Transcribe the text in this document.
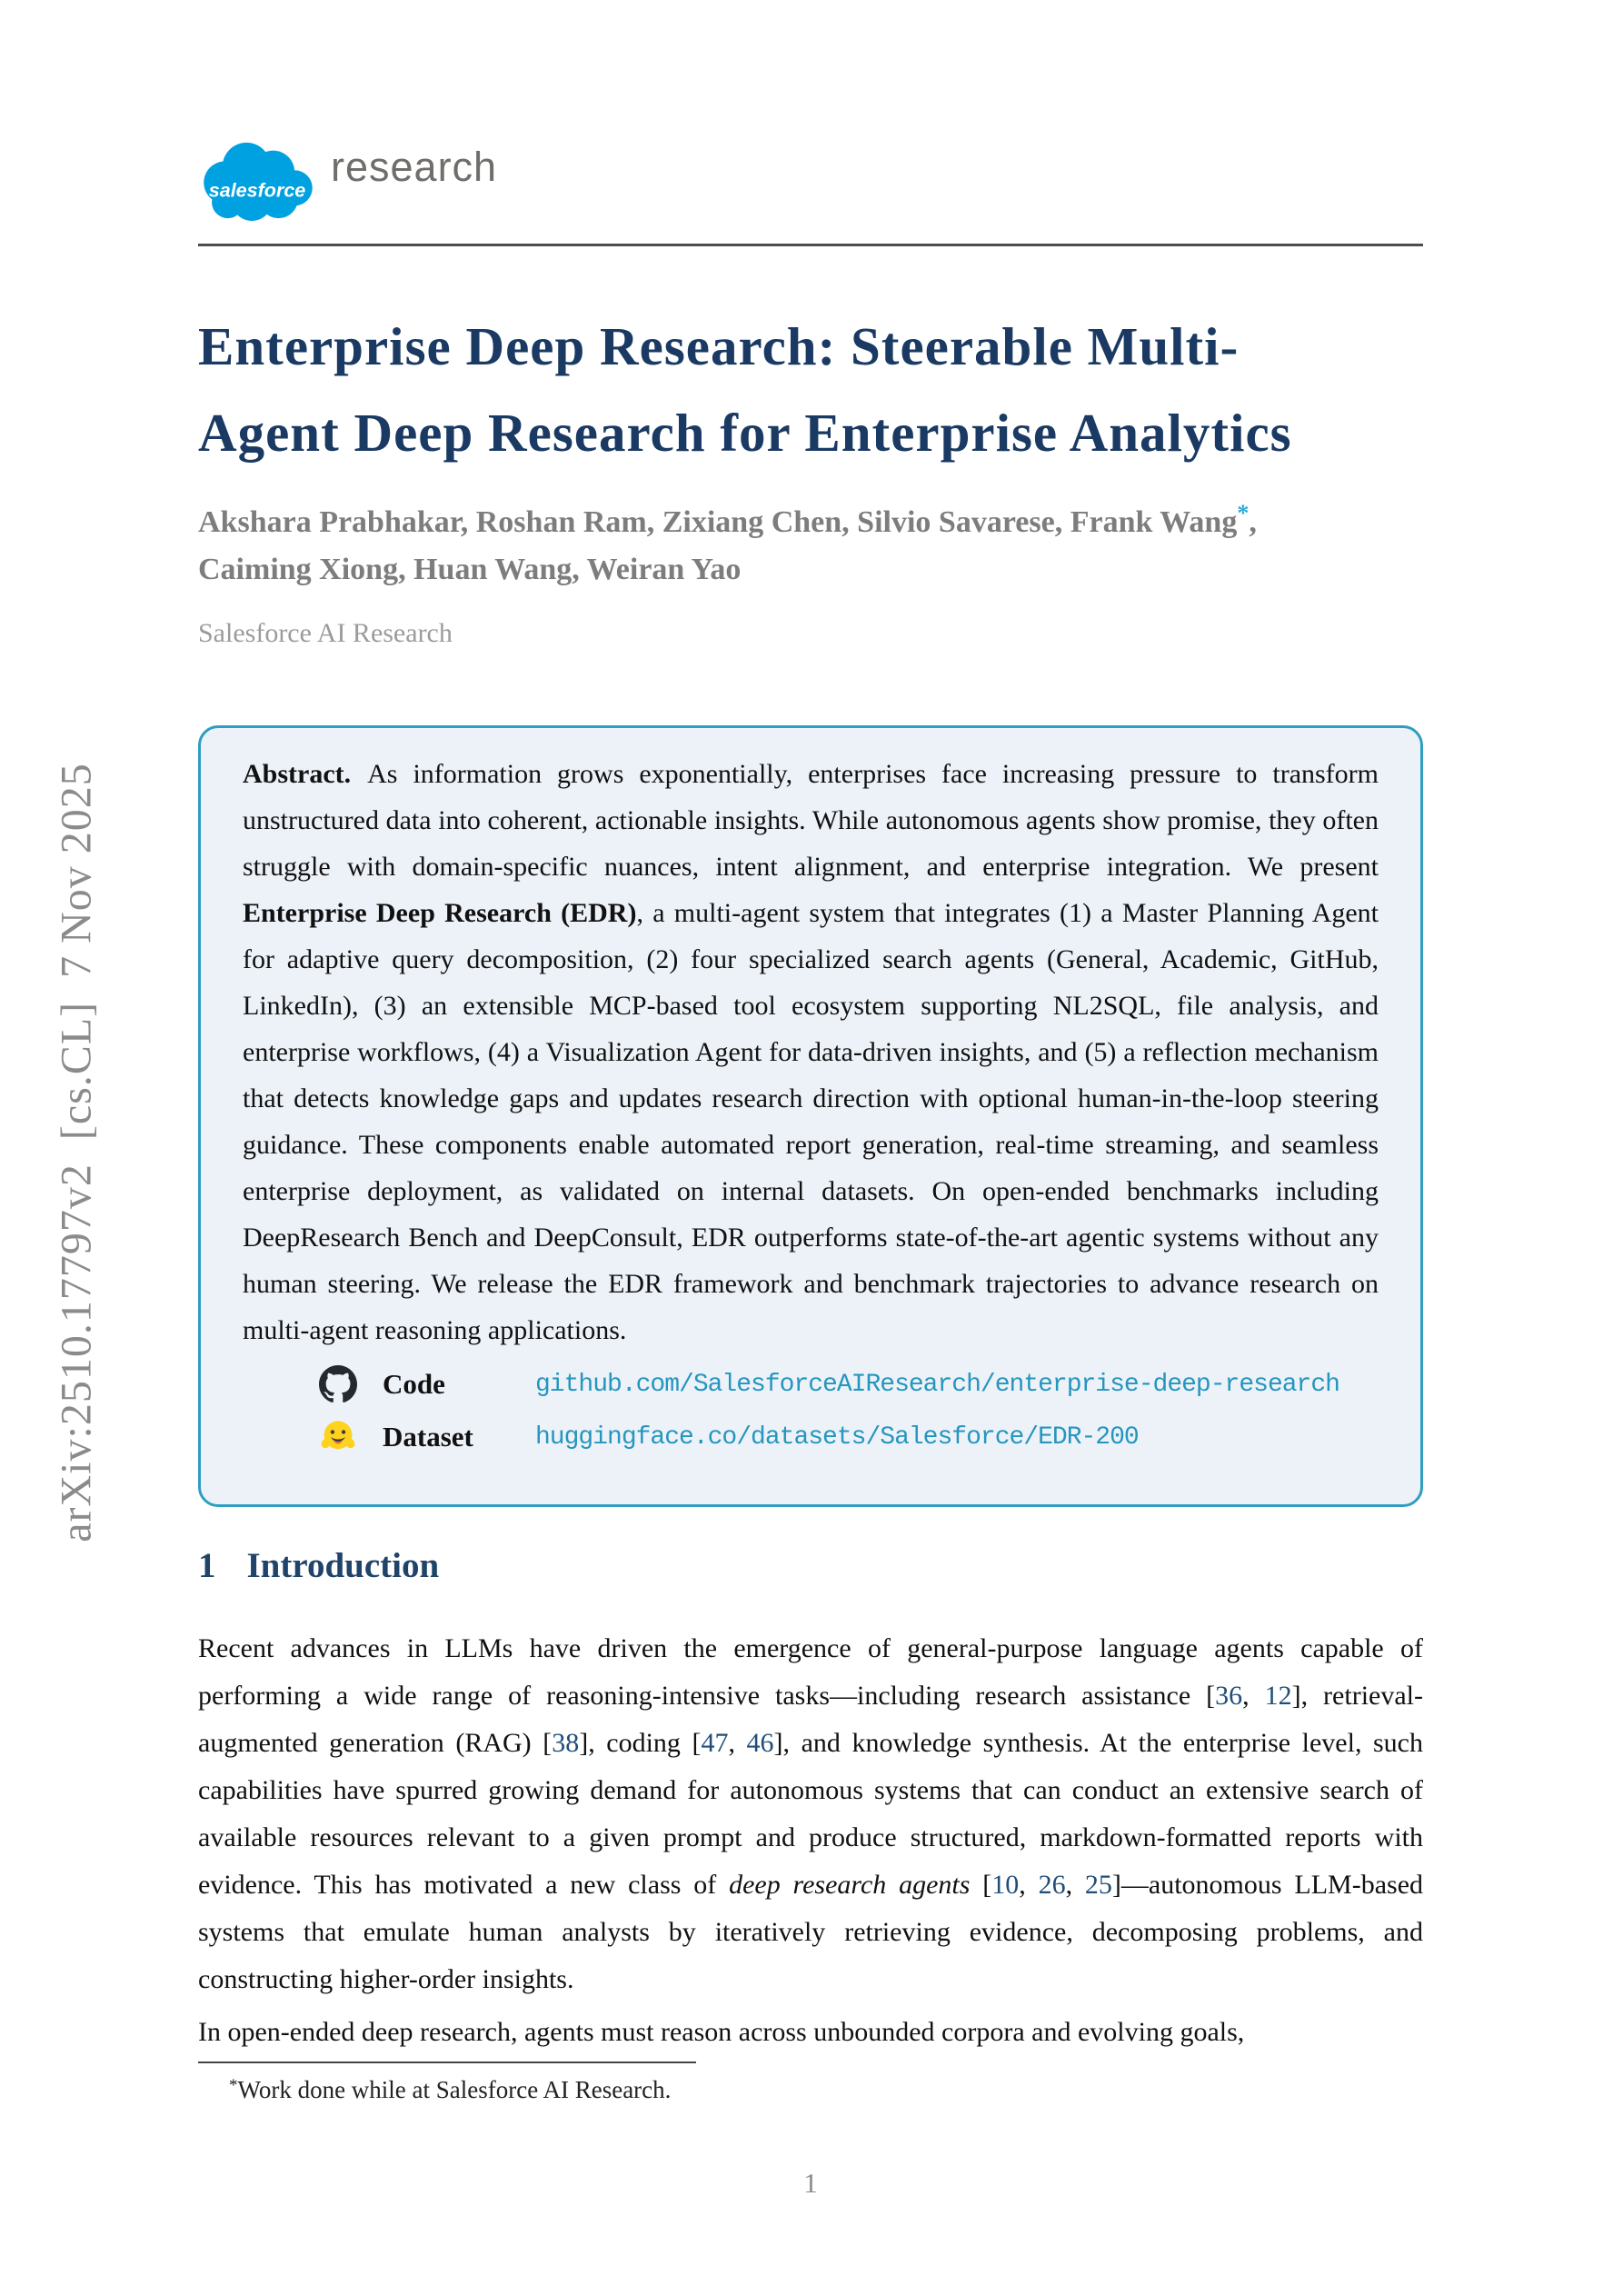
arXiv:2510.17797v2  [cs.CL]  7 Nov 2025
salesforce
research
Enterprise Deep Research: Steerable Multi-
Agent Deep Research for Enterprise Analytics
Akshara Prabhakar, Roshan Ram, Zixiang Chen, Silvio Savarese, Frank Wang*,
Caiming Xiong, Huan Wang, Weiran Yao
Salesforce AI Research
Abstract. As information grows exponentially, enterprises face increasing pressure to transform unstructured data into coherent, actionable insights. While autonomous agents show promise, they often struggle with domain-specific nuances, intent alignment, and enterprise integration. We present Enterprise Deep Research (EDR), a multi-agent system that integrates (1) a Master Planning Agent for adaptive query decomposition, (2) four specialized search agents (General, Academic, GitHub, LinkedIn), (3) an extensible MCP-based tool ecosystem supporting NL2SQL, file analysis, and enterprise workflows, (4) a Visualization Agent for data-driven insights, and (5) a reflection mechanism that detects knowledge gaps and updates research direction with optional human-in-the-loop steering guidance. These components enable automated report generation, real-time streaming, and seamless enterprise deployment, as validated on internal datasets. On open-ended benchmarks including DeepResearch Bench and DeepConsult, EDR outperforms state-of-the-art agentic systems without any human steering. We release the EDR framework and benchmark trajectories to advance research on multi-agent reasoning applications.
Code	github.com/SalesforceAIResearch/enterprise-deep-research
Dataset	huggingface.co/datasets/Salesforce/EDR-200
1 Introduction
Recent advances in LLMs have driven the emergence of general-purpose language agents capable of performing a wide range of reasoning-intensive tasks—including research assistance [36, 12], retrieval-augmented generation (RAG) [38], coding [47, 46], and knowledge synthesis. At the enterprise level, such capabilities have spurred growing demand for autonomous systems that can conduct an extensive search of available resources relevant to a given prompt and produce structured, markdown-formatted reports with evidence. This has motivated a new class of deep research agents [10, 26, 25]—autonomous LLM-based systems that emulate human analysts by iteratively retrieving evidence, decomposing problems, and constructing higher-order insights.
In open-ended deep research, agents must reason across unbounded corpora and evolving goals,
*Work done while at Salesforce AI Research.
1
